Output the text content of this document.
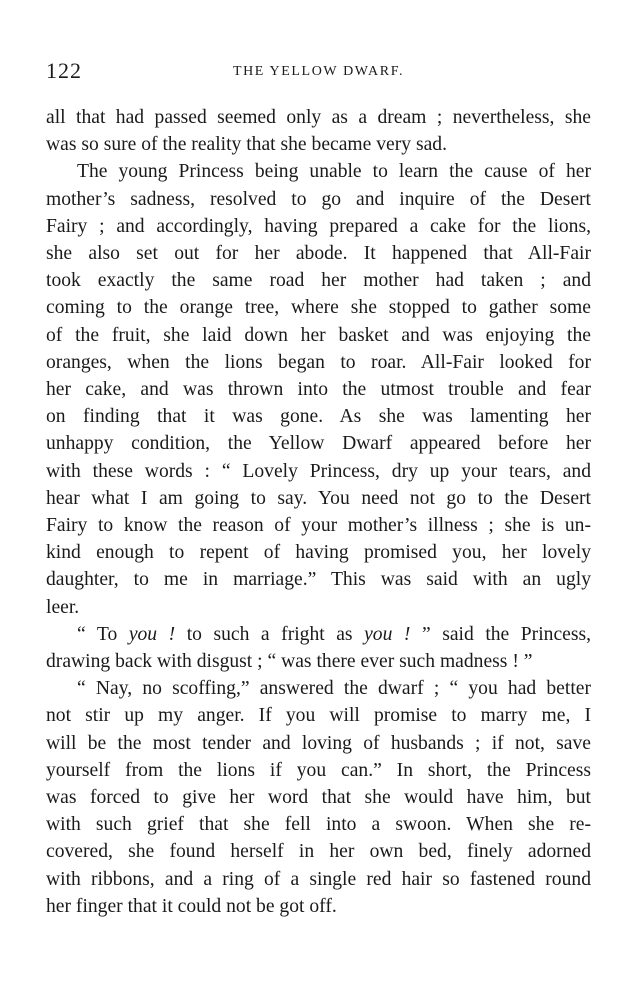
122	THE YELLOW DWARF.

all that had passed seemed only as a dream ; nevertheless, she
was so sure of the reality that she became very sad.

The young Princess being unable to learn the cause of her
mother’s sadness, resolved to go and inquire of the Desert
Fairy ; and accordingly, having prepared a cake for the lions,
she also set out for her abode. It happened that All-Fair
took exactly the same road her mother had taken ; and
coming to the orange tree, where she stopped to gather some
of the fruit, she laid down her basket and was enjoying the
oranges, when the lions began to roar. All-Fair looked for
her cake, and was thrown into the utmost trouble and fear
on finding that it was gone. As she was lamenting her
unhappy condition, the Yellow Dwarf appeared before her
with these words : “ Lovely Princess, dry up your tears, and
hear what I am going to say. You need not go to the Desert
Fairy to know the reason of your mother’s illness ; she is un-
kind enough to repent of having promised you, her lovely
daughter, to me in marriage.” This was said with an ugly
leer.

“ To you ! to such a fright as you ! ” said the Princess,
drawing back with disgust ; “ was there ever such madness ! ”

“ Nay, no scoffing,” answered the dwarf ; “ you had better
not stir up my anger. If you will promise to marry me, I
will be the most tender and loving of husbands ; if not, save
yourself from the lions if you can.” In short, the Princess
was forced to give her word that she would have him, but
with such grief that she fell into a swoon. When she re-
covered, she found herself in her own bed, finely adorned
with ribbons, and a ring of a single red hair so fastened round
her finger that it could not be got off.
